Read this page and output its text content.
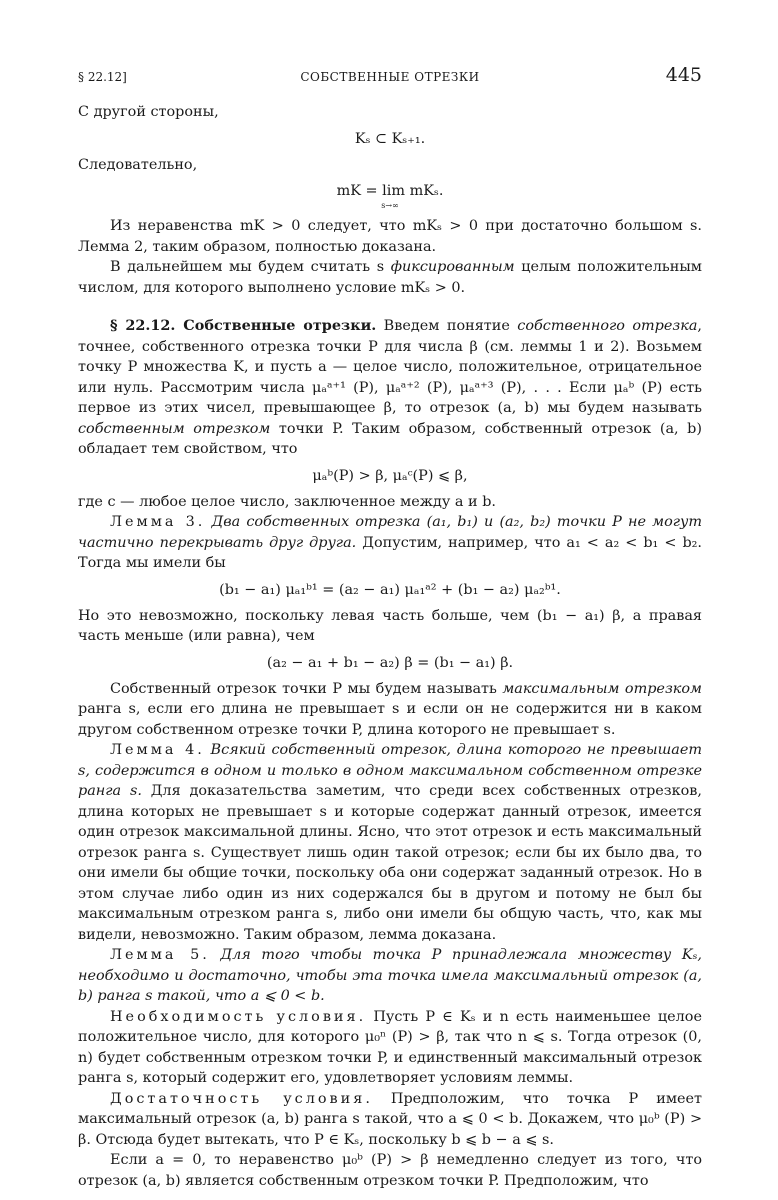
§ 22.12]	СОБСТВЕННЫЕ ОТРЕЗКИ	445

С другой стороны,

Kₛ ⊂ Kₛ₊₁.

Следовательно,

mK = lim mKₛ.
s→∞

Из неравенства mK > 0 следует, что mKₛ > 0 при достаточно большом s. Лемма 2, таким образом, полностью доказана.

В дальнейшем мы будем считать s фиксированным целым положительным числом, для которого выполнено условие mKₛ > 0.

§ 22.12. Собственные отрезки. Введем понятие собственного отрезка, точнее, собственного отрезка точки P для числа β (см. леммы 1 и 2). Возьмем точку P множества K, и пусть a — целое число, положительное, отрицательное или нуль. Рассмотрим числа μₐᵃ⁺¹ (P), μₐᵃ⁺² (P), μₐᵃ⁺³ (P), . . . Если μₐᵇ (P) есть первое из этих чисел, превышающее β, то отрезок (a, b) мы будем называть собственным отрезком точки P. Таким образом, собственный отрезок (a, b) обладает тем свойством, что

μₐᵇ(P) > β, μₐᶜ(P) ⩽ β,

где c — любое целое число, заключенное между a и b.

Лемма 3. Два собственных отрезка (a₁, b₁) и (a₂, b₂) точки P не могут частично перекрывать друг друга. Допустим, например, что a₁ < a₂ < b₁ < b₂. Тогда мы имели бы

(b₁ − a₁) μₐ₁ᵇ¹ = (a₂ − a₁) μₐ₁ᵃ² + (b₁ − a₂) μₐ₂ᵇ¹.

Но это невозможно, поскольку левая часть больше, чем (b₁ − a₁) β, а правая часть меньше (или равна), чем

(a₂ − a₁ + b₁ − a₂) β = (b₁ − a₁) β.

Собственный отрезок точки P мы будем называть максимальным отрезком ранга s, если его длина не превышает s и если он не содержится ни в каком другом собственном отрезке точки P, длина которого не превышает s.

Лемма 4. Всякий собственный отрезок, длина которого не превышает s, содержится в одном и только в одном максимальном собственном отрезке ранга s. Для доказательства заметим, что среди всех собственных отрезков, длина которых не превышает s и которые содержат данный отрезок, имеется один отрезок максимальной длины. Ясно, что этот отрезок и есть максимальный отрезок ранга s. Существует лишь один такой отрезок; если бы их было два, то они имели бы общие точки, поскольку оба они содержат заданный отрезок. Но в этом случае либо один из них содержался бы в другом и потому не был бы максимальным отрезком ранга s, либо они имели бы общую часть, что, как мы видели, невозможно. Таким образом, лемма доказана.

Лемма 5. Для того чтобы точка P принадлежала множеству Kₛ, необходимо и достаточно, чтобы эта точка имела максимальный отрезок (a, b) ранга s такой, что a ⩽ 0 < b.

Необходимость условия. Пусть P ∈ Kₛ и n есть наименьшее целое положительное число, для которого μ₀ⁿ (P) > β, так что n ⩽ s. Тогда отрезок (0, n) будет собственным отрезком точки P, и единственный максимальный отрезок ранга s, который содержит его, удовлетворяет условиям леммы.

Достаточность условия. Предположим, что точка P имеет максимальный отрезок (a, b) ранга s такой, что a ⩽ 0 < b. Докажем, что μ₀ᵇ (P) > β. Отсюда будет вытекать, что P ∈ Kₛ, поскольку b ⩽ b − a ⩽ s.

Если a = 0, то неравенство μ₀ᵇ (P) > β немедленно следует из того, что отрезок (a, b) является собственным отрезком точки P. Предположим, что
